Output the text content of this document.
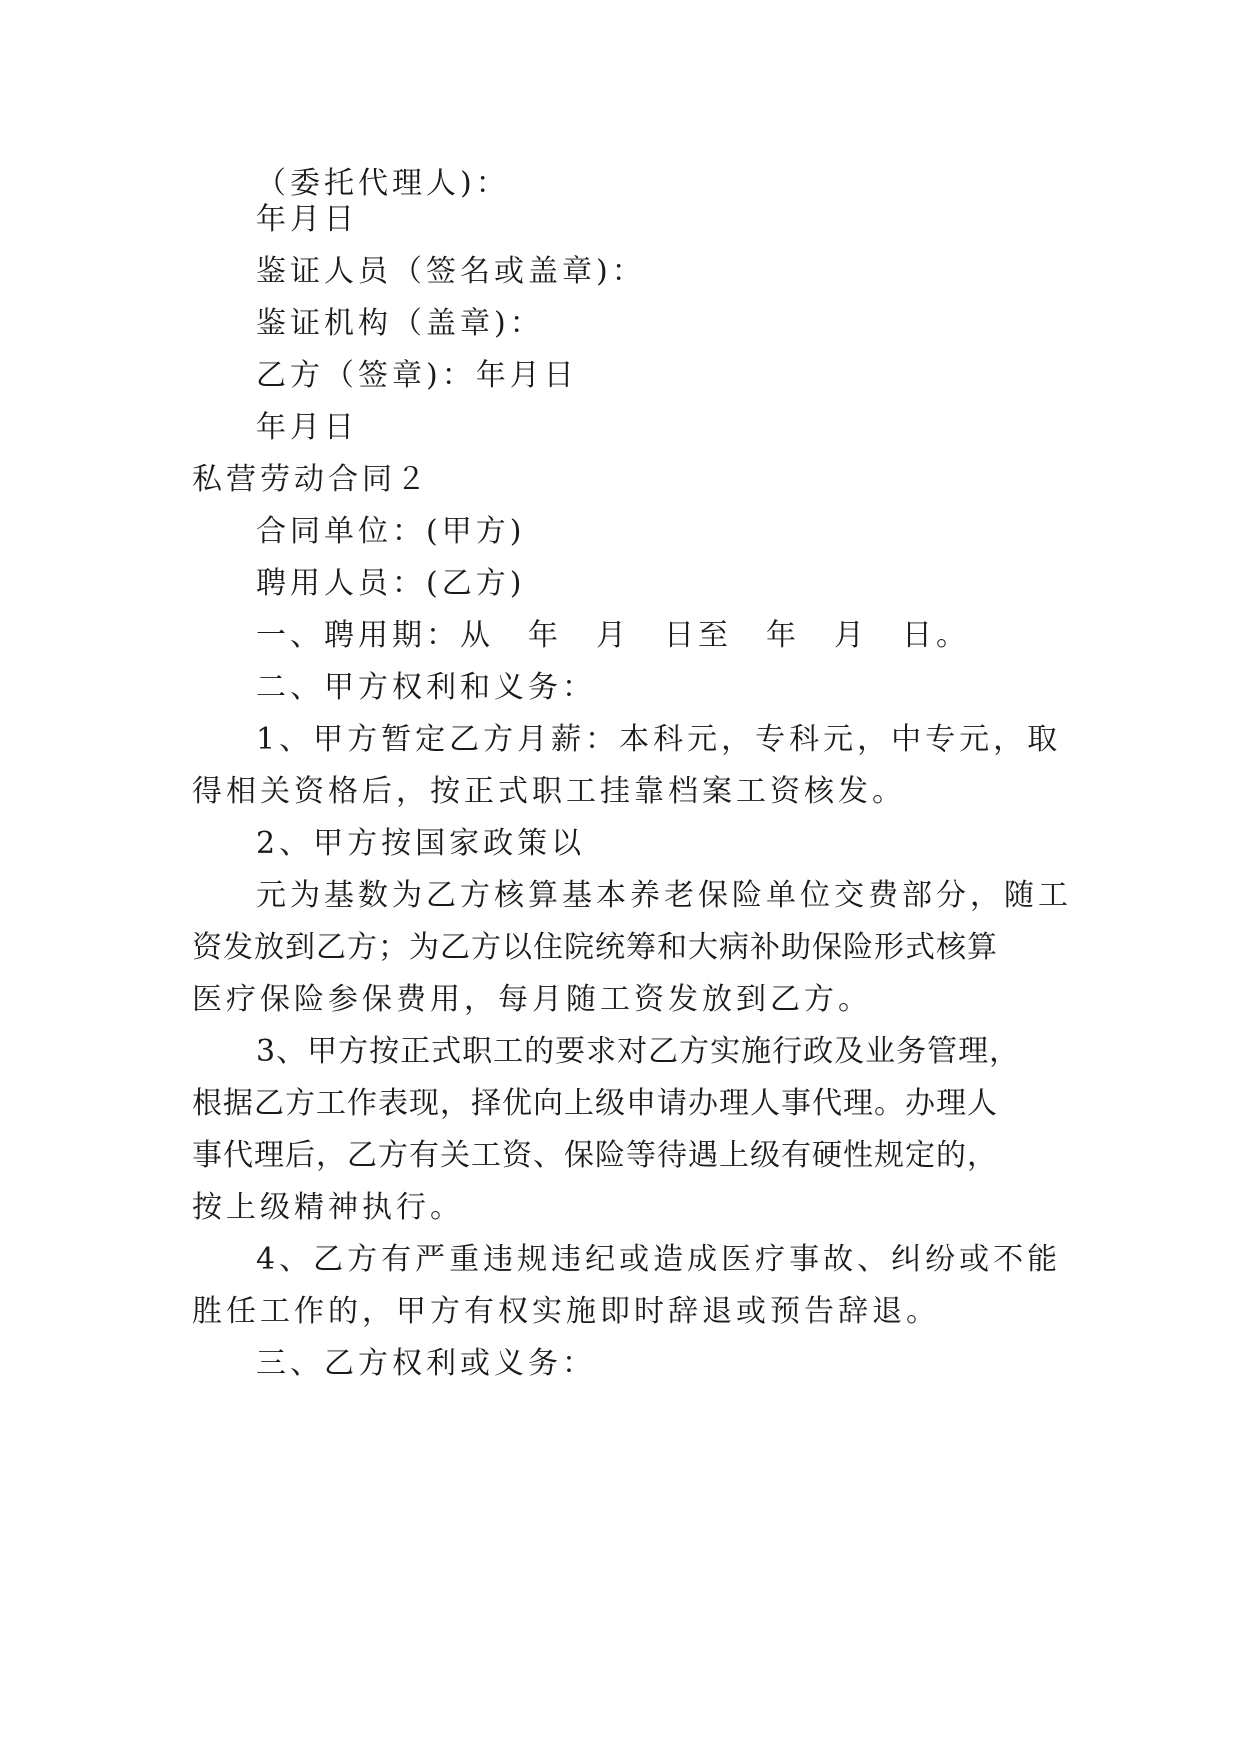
（委托代理人)：
年月日
鉴证人员（签名或盖章)：
鉴证机构（盖章)：
乙方（签章)：年月日
年月日
私营劳动合同２
合同单位：(甲方)
聘用人员：(乙方)
一、聘用期：从　年　月　日至　年　月　日。
二、甲方权利和义务：
1、甲方暂定乙方月薪：本科元，专科元，中专元，取
得相关资格后，按正式职工挂靠档案工资核发。
2、甲方按国家政策以
元为基数为乙方核算基本养老保险单位交费部分，随工
资发放到乙方；为乙方以住院统筹和大病补助保险形式核算
医疗保险参保费用，每月随工资发放到乙方。
3、甲方按正式职工的要求对乙方实施行政及业务管理，
根据乙方工作表现，择优向上级申请办理人事代理。办理人
事代理后，乙方有关工资、保险等待遇上级有硬性规定的，
按上级精神执行。
4、乙方有严重违规违纪或造成医疗事故、纠纷或不能
胜任工作的，甲方有权实施即时辞退或预告辞退。
三、乙方权利或义务：
